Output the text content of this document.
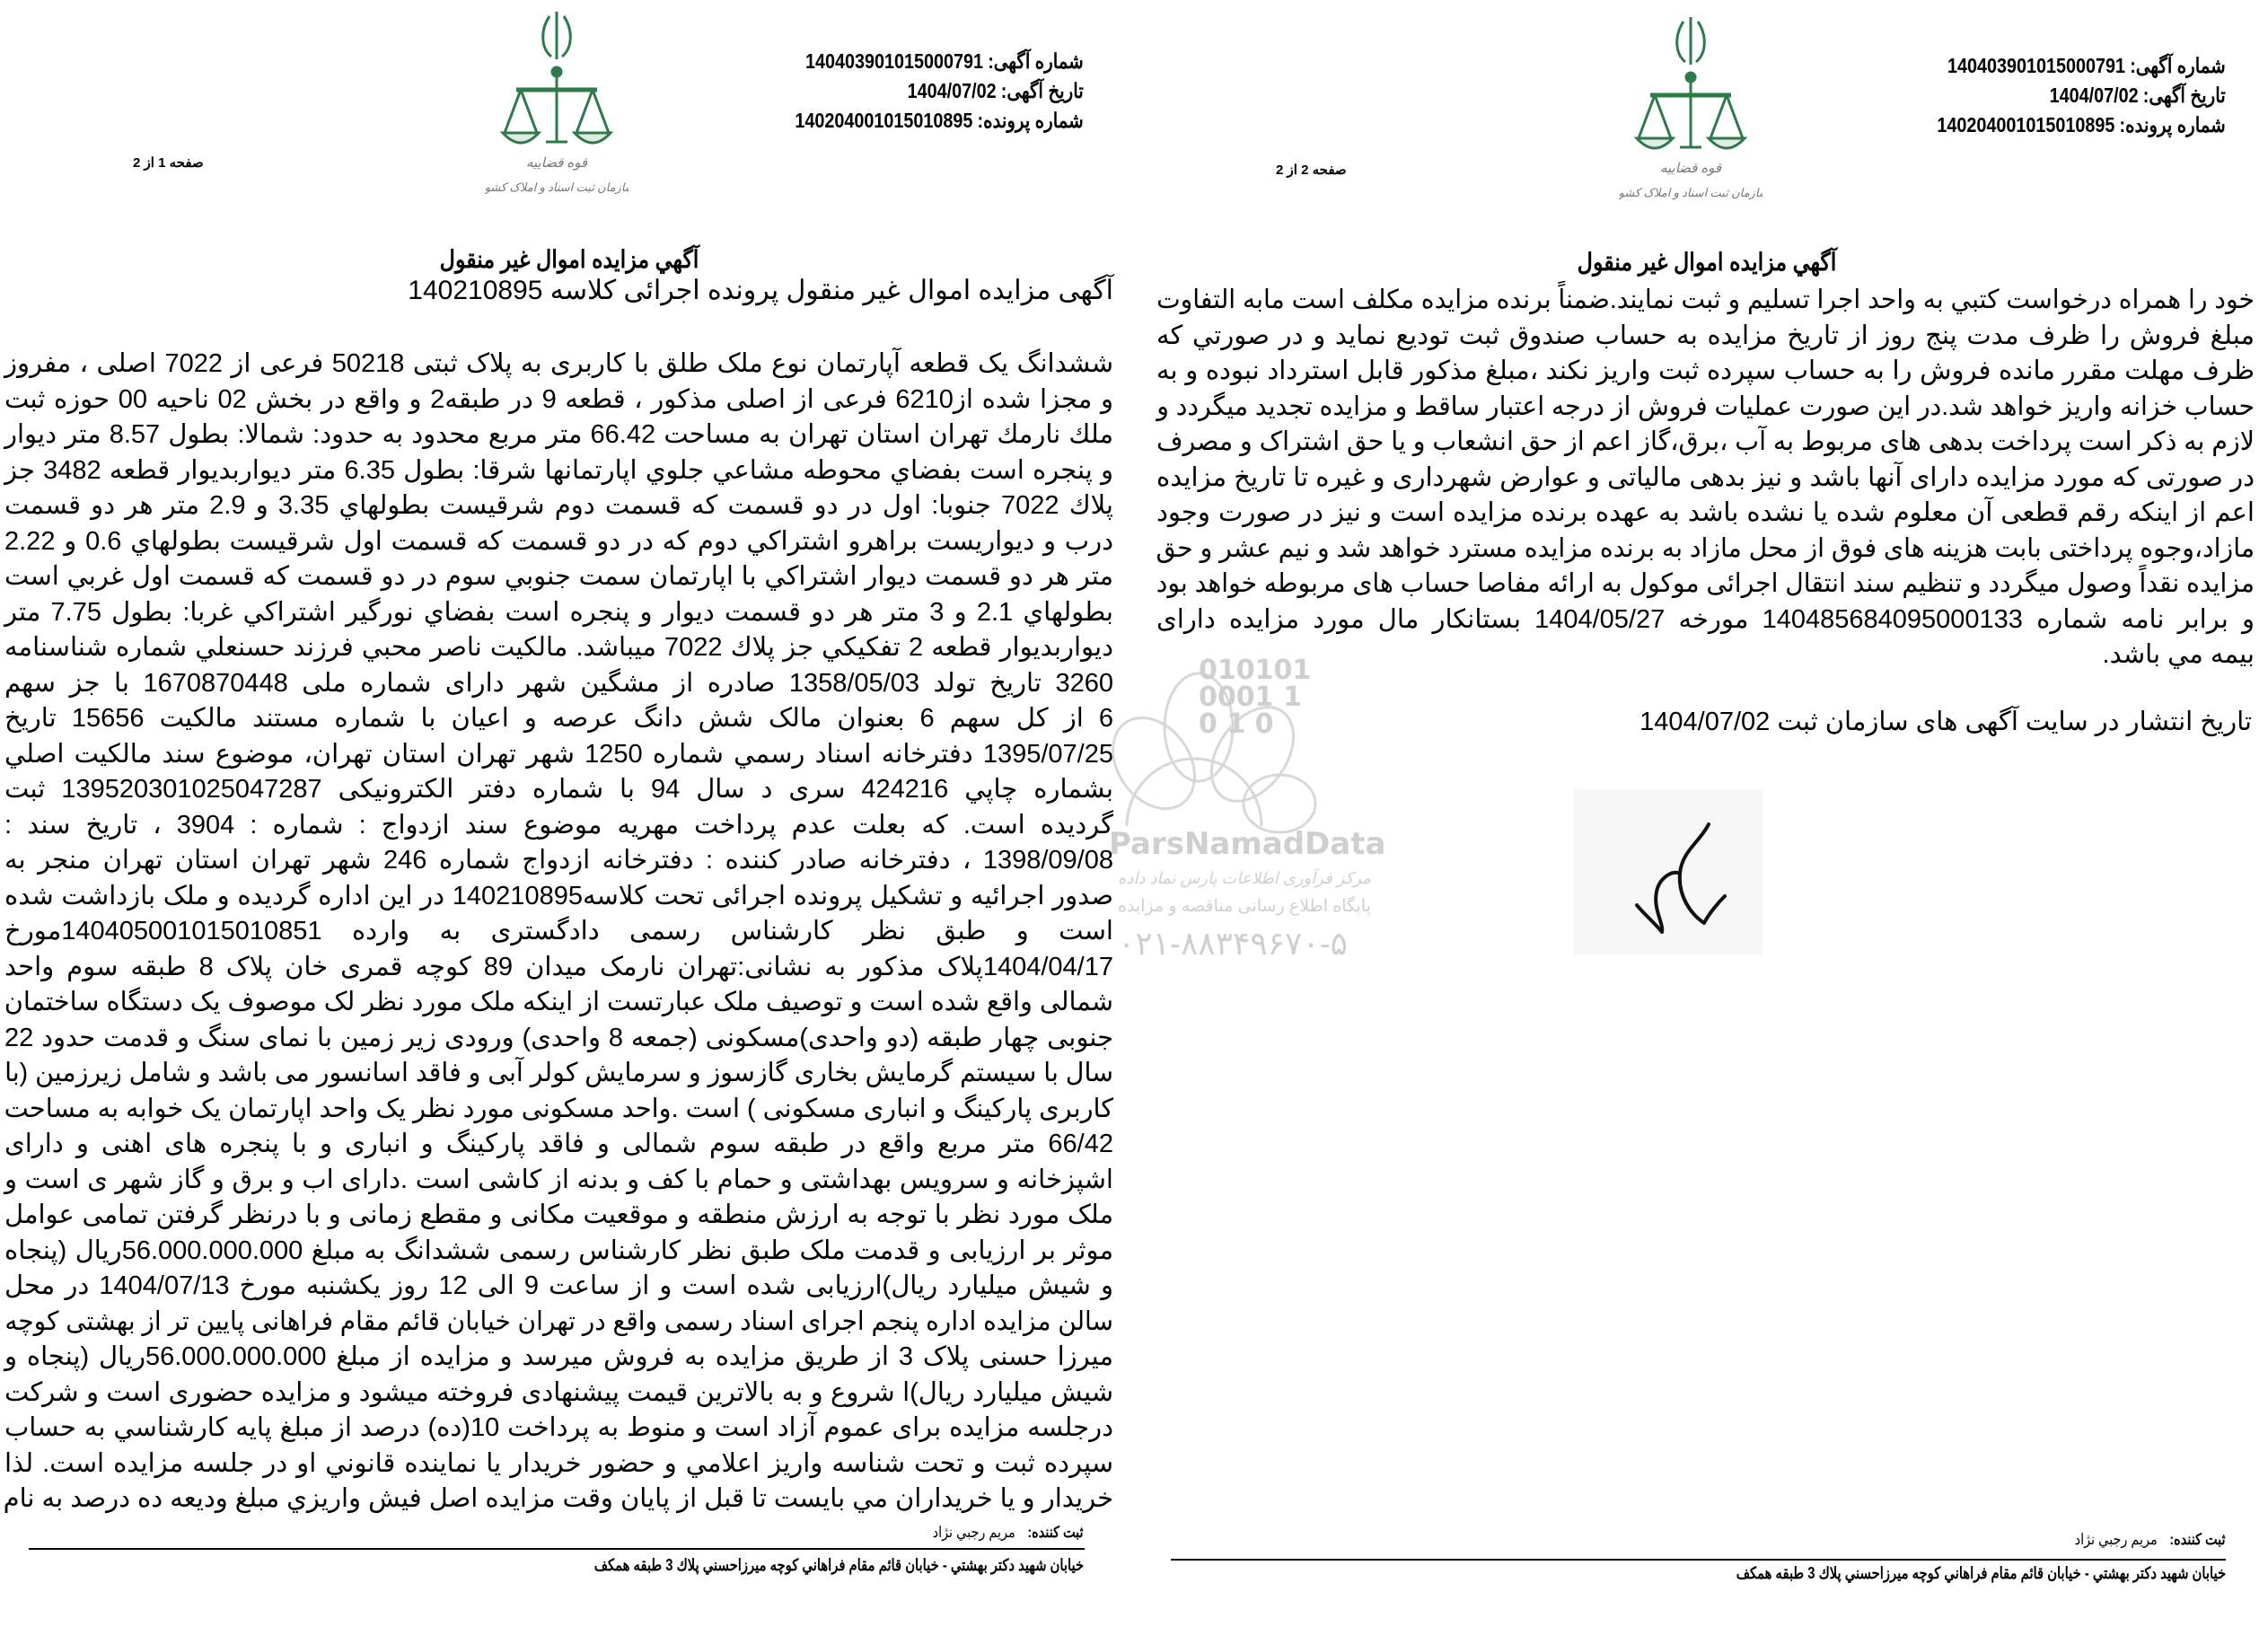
شماره آگهی:140403901015000791
تاريخ آگهی:1404/07/02
شماره پرونده:140204001015010895
قوه قضاییه
سازمان ثبت اسناد و املاک کشور
صفحه 1 از 2
آگهي مزايده اموال غير منقول
آگهی مزایده اموال غیر منقول پرونده اجرائی کلاسه 140210895
ششدانگ يک قطعه آپارتمان نوع ملک طلق با کاربری به پلاک ثبتی 50218 فرعی از 7022 اصلی ، مفروز
و مجزا شده از6210 فرعی از اصلی مذکور ، قطعه 9 در طبقه2 و واقع در بخش 02 ناحيه 00 حوزه ثبت
ملك نارمك تهران استان تهران به مساحت 66.42 متر مربع محدود به حدود: شمالا: بطول 8.57 متر ديوار
و پنجره است بفضاي محوطه مشاعي جلوي اپارتمانها شرقا: بطول 6.35 متر ديواربديوار قطعه 3482 جز
پلاك 7022 جنوبا: اول در دو قسمت كه قسمت دوم شرقيست بطولهاي 3.35 و 2.9 متر هر دو قسمت
درب و ديواريست براهرو اشتراكي دوم كه در دو قسمت كه قسمت اول شرقيست بطولهاي 0.6 و 2.22
متر هر دو قسمت ديوار اشتراكي با اپارتمان سمت جنوبي سوم در دو قسمت كه قسمت اول غربي است
بطولهاي 2.1 و 3 متر هر دو قسمت ديوار و پنجره است بفضاي نورگير اشتراكي غربا: بطول 7.75 متر
ديواربديوار قطعه 2 تفكيكي جز پلاك 7022 ميباشد. مالكيت ناصر محبي فرزند حسنعلي شماره شناسنامه
3260 تاريخ تولد 1358/05/03 صادره از مشگين شهر داراى شماره ملى 1670870448 با جز سهم
6 از کل سهم 6 بعنوان مالک شش دانگ عرصه و اعيان با شماره مستند مالكيت 15656 تاريخ
1395/07/25 دفترخانه اسناد رسمي شماره 1250 شهر تهران استان تهران، موضوع سند مالكيت اصلي
بشماره چاپي 424216 سری د سال 94 با شماره دفتر الكترونيكى 139520301025047287 ثبت
گرديده است. که بعلت عدم پرداخت مهریه موضوع سند ازدواج : شماره : 3904 ، تاريخ سند :
1398/09/08 ، دفترخانه صادر کننده : دفترخانه ازدواج شماره 246 شهر تهران استان تهران منجر به
صدور اجرائیه و تشکیل پرونده اجرائی تحت کلاسه140210895 در این اداره گردیده و ملک بازداشت شده
است و طبق نظر کارشناس رسمی دادگستری به وارده 140405001015010851مورخ
1404/04/17پلاک مذکور به نشانی:تهران نارمک میدان 89 کوچه قمری خان پلاک 8 طبقه سوم واحد
شمالی واقع شده است و توصیف ملک عبارتست از اینکه ملک مورد نظر لک موصوف یک دستگاه ساختمان
جنوبی چهار طبقه (دو واحدی)مسکونی (جمعه 8 واحدی) ورودی زیر زمین با نمای سنگ و قدمت حدود 22
سال با سیستم گرمایش بخاری گازسوز و سرمایش کولر آبی و فاقد اسانسور می باشد و شامل زیرزمین (با
کاربری پارکینگ و انباری مسکونی ) است .واحد مسکونی مورد نظر یک واحد اپارتمان یک خوابه به مساحت
66/42 متر مربع واقع در طبقه سوم شمالی و فاقد پارکینگ و انباری و با پنجره های اهنی و دارای
اشپزخانه و سرویس بهداشتی و حمام با کف و بدنه از کاشی است .دارای اب و برق و گاز شهر ی است و
ملک مورد نظر با توجه به ارزش منطقه و موقعیت مکانی و مقطع زمانی و با درنظر گرفتن تمامی عوامل
موثر بر ارزیابی و قدمت ملک طبق نظر کارشناس رسمی ششدانگ به مبلغ 56.000.000.000ریال (پنجاه
و شیش میلیارد ریال)ارزیابی شده است و از ساعت 9 الی 12 روز یکشنبه مورخ 1404/07/13 در محل
سالن مزایده اداره پنجم اجرای اسناد رسمی واقع در تهران خیابان قائم مقام فراهانی پایین تر از بهشتی کوچه
میرزا حسنی پلاک 3 از طریق مزایده به فروش میرسد و مزایده از مبلغ 56.000.000.000ریال (پنجاه و
شیش میلیارد ریال)ا شروع و به بالاترین قیمت پیشنهادی فروخته میشود و مزایده حضوری است و شرکت
درجلسه مزایده برای عموم آزاد است و منوط به پرداخت 10(ده) درصد از مبلغ پایه کارشناسي به حساب
سپرده ثبت و تحت شناسه واريز اعلامي و حضور خريدار يا نماينده قانوني او در جلسه مزايده است. لذا
خريدار و يا خريداران مي بايست تا قبل از پايان وقت مزايده اصل فيش واريزي مبلغ وديعه ده درصد به نام
ثبت کننده:مريم رجبي نژاد
خيابان شهيد دكتر بهشتي - خيابان قائم مقام فراهاني كوچه ميرزاحسني پلاك 3 طبقه همكف
شماره آگهی:140403901015000791
تاريخ آگهی:1404/07/02
شماره پرونده:140204001015010895
قوه قضاییه
سازمان ثبت اسناد و املاک کشور
صفحه 2 از 2
آگهي مزايده اموال غير منقول
خود را همراه درخواست کتبي به واحد اجرا تسليم و ثبت نمايند.ضمناً برنده مزايده مكلف است مابه التفاوت
مبلغ فروش را ظرف مدت پنج روز از تاريخ مزايده به حساب صندوق ثبت توديع نمايد و در صورتي كه
ظرف مهلت مقرر مانده فروش را به حساب سپرده ثبت واريز نكند ،مبلغ مذكور قابل استرداد نبوده و به
حساب خزانه واريز خواهد شد.در اين صورت عمليات فروش از درجه اعتبار ساقط و مزايده تجديد ميگردد و
لازم به ذكر است پرداخت بدهی های مربوط به آب ،برق،گاز اعم از حق انشعاب و يا حق اشتراک و مصرف
در صورتی كه مورد مزايده دارای آنها باشد و نيز بدهی مالياتی و عوارض شهرداری و غيره تا تاريخ مزايده
اعم از اينكه رقم قطعی آن معلوم شده يا نشده باشد به عهده برنده مزايده است و نيز در صورت وجود
مازاد،وجوه پرداختی بابت هزينه های فوق از محل مازاد به برنده مزايده مسترد خواهد شد و نيم عشر و حق
مزايده نقداً وصول ميگردد و تنظيم سند انتقال اجرائی موكول به ارائه مفاصا حساب های مربوطه خواهد بود
و برابر نامه شماره 140485684095000133 مورخه 1404/05/27 بستانكار مال مورد مزايده دارای
بيمه مي باشد.
تاريخ انتشار در سايت آگهی های سازمان ثبت 1404/07/02
ثبت کننده:مريم رجبي نژاد
خيابان شهيد دكتر بهشتي - خيابان قائم مقام فراهاني كوچه ميرزاحسني پلاك 3 طبقه همكف
010101 0001 10 1 0
ParsNamadData
مرکز فرآوری اطلاعات پارس نماد داده
پایگاه اطلاع رسانی مناقصه و مزایده
۰۲۱-۸۸۳۴۹۶۷۰-۵
